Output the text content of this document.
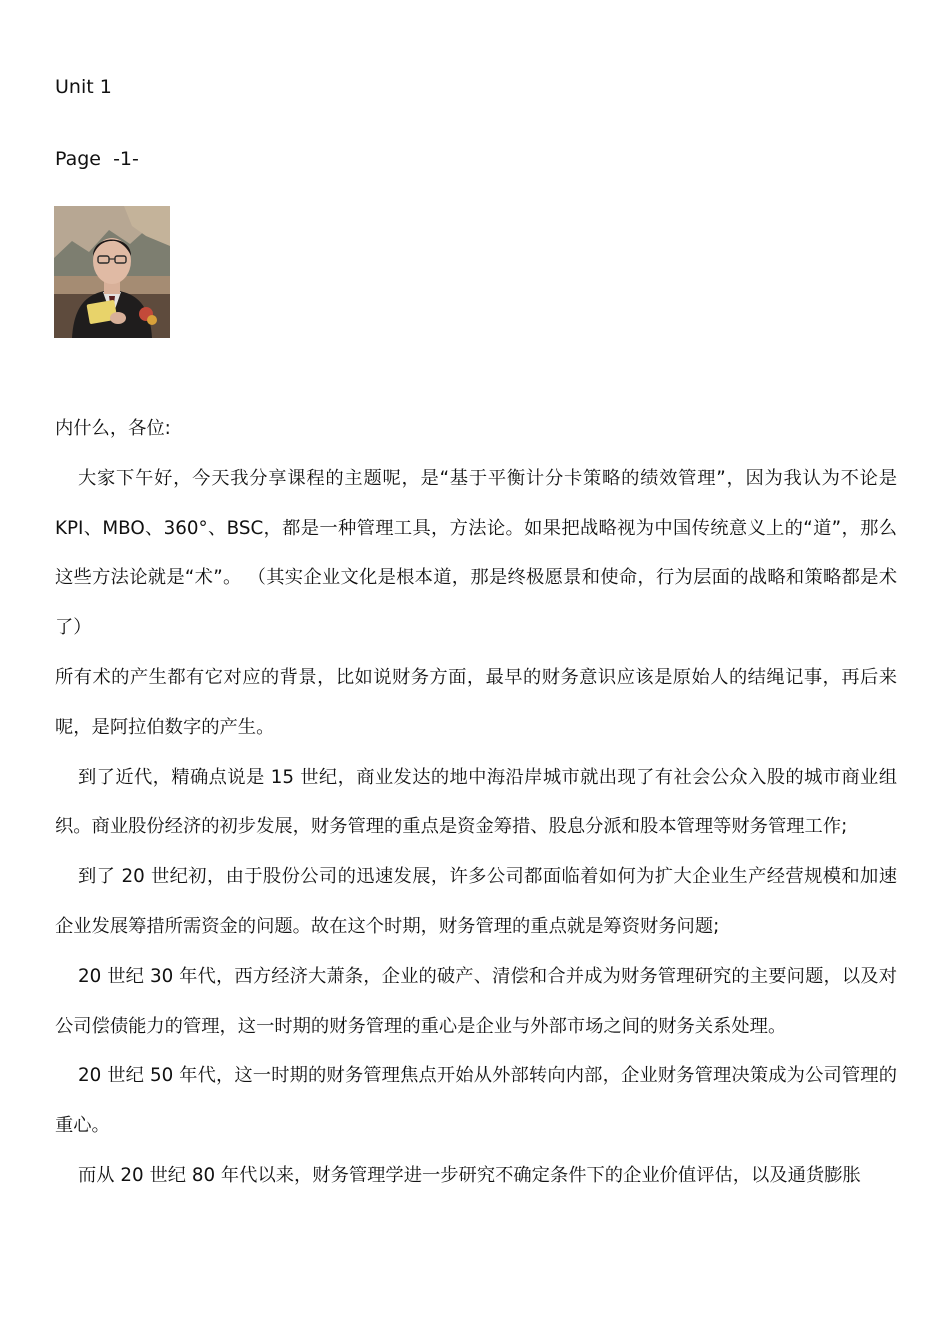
Unit 1
Page  -1-

内什么，各位:

大家下午好，今天我分享课程的主题呢，是“基于平衡计分卡策略的绩效管理”，因为我认为不论是 KPI、MBO、360°、BSC，都是一种管理工具，方法论。如果把战略视为中国传统意义上的“道”，那么这些方法论就是“术”。 （其实企业文化是根本道，那是终极愿景和使命，行为层面的战略和策略都是术了）

所有术的产生都有它对应的背景，比如说财务方面，最早的财务意识应该是原始人的结绳记事，再后来呢，是阿拉伯数字的产生。

到了近代，精确点说是 15 世纪，商业发达的地中海沿岸城市就出现了有社会公众入股的城市商业组织。商业股份经济的初步发展，财务管理的重点是资金筹措、股息分派和股本管理等财务管理工作;

到了 20 世纪初，由于股份公司的迅速发展，许多公司都面临着如何为扩大企业生产经营规模和加速企业发展筹措所需资金的问题。故在这个时期，财务管理的重点就是筹资财务问题;

20 世纪 30 年代，西方经济大萧条，企业的破产、清偿和合并成为财务管理研究的主要问题，以及对公司偿债能力的管理，这一时期的财务管理的重心是企业与外部市场之间的财务关系处理。

20 世纪 50 年代，这一时期的财务管理焦点开始从外部转向内部，企业财务管理决策成为公司管理的重心。

而从 20 世纪 80 年代以来，财务管理学进一步研究不确定条件下的企业价值评估，以及通货膨胀
